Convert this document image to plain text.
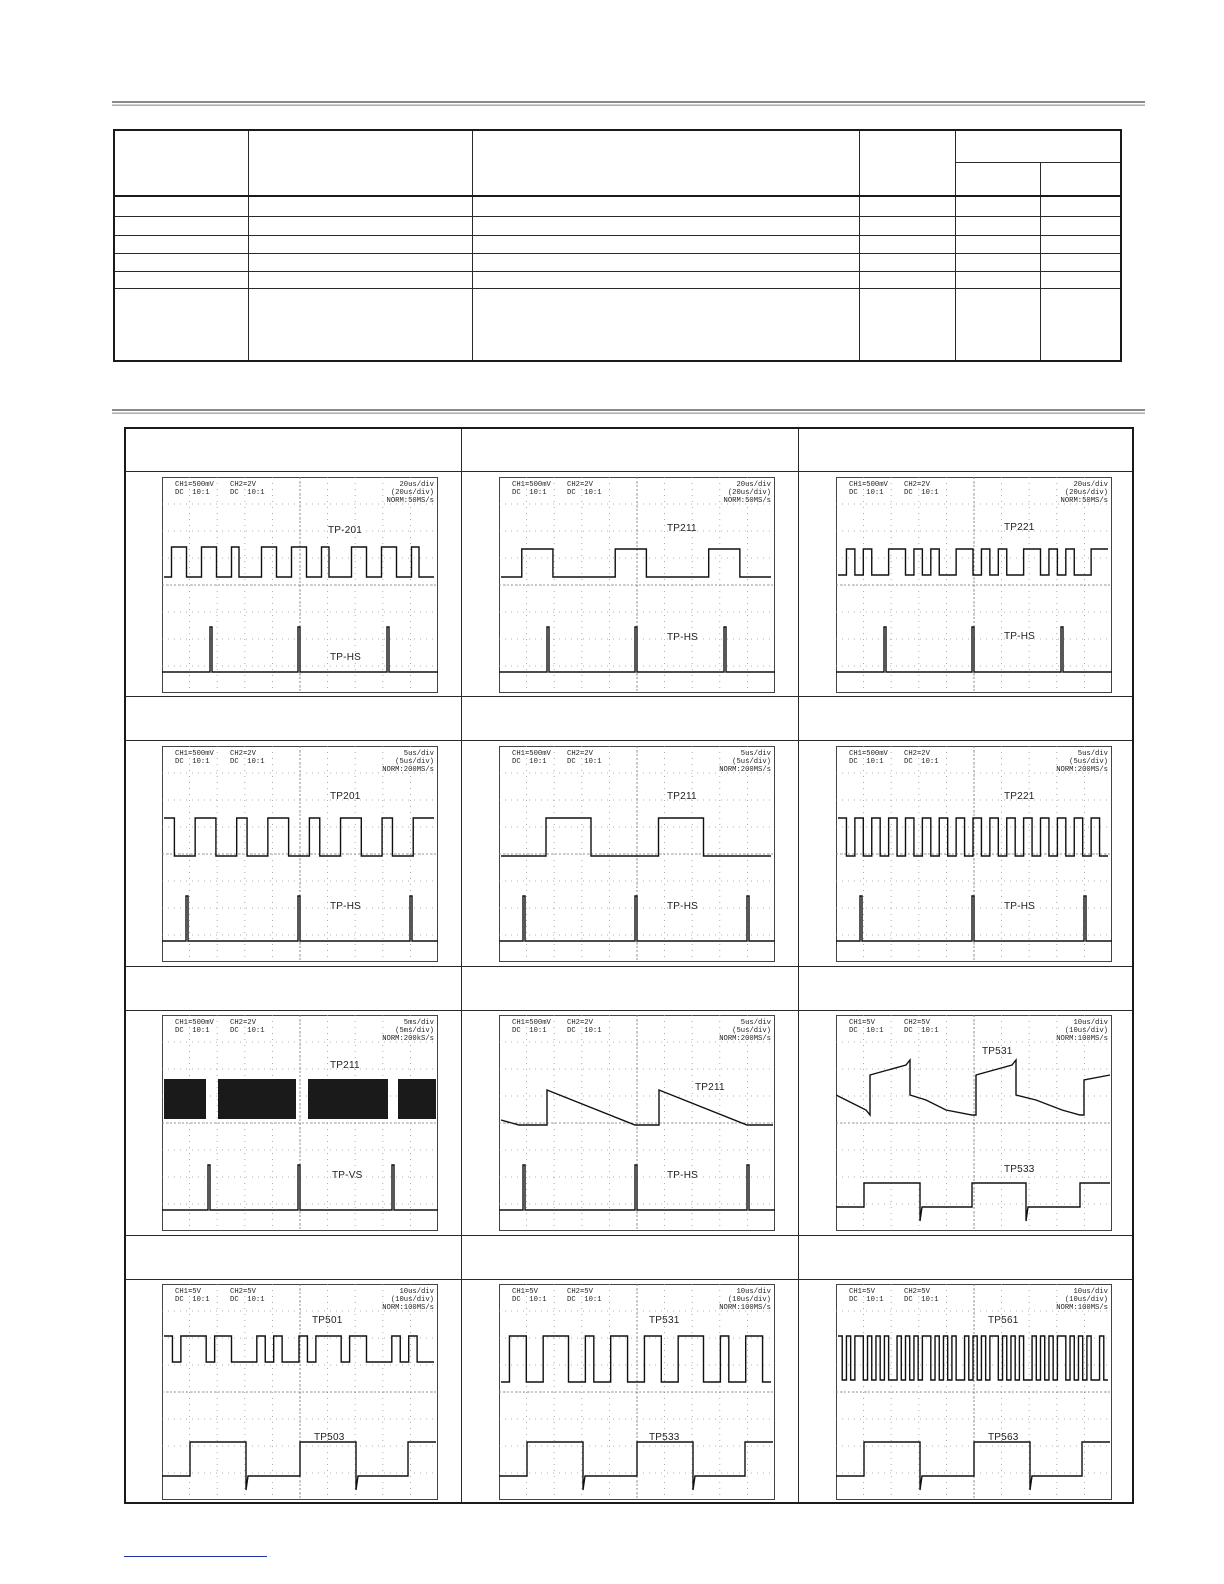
CH1=500mV
DC  10:1
CH2=2V
DC  10:1
20us/div
(20us/div)
NORM:50MS/s
TP-201
TP-HS
CH1=500mV
DC  10:1
CH2=2V
DC  10:1
20us/div
(20us/div)
NORM:50MS/s
TP211
TP-HS
CH1=500mV
DC  10:1
CH2=2V
DC  10:1
20us/div
(20us/div)
NORM:50MS/s
TP221
TP-HS
CH1=500mV
DC  10:1
CH2=2V
DC  10:1
5us/div
(5us/div)
NORM:200MS/s
TP201
TP-HS
CH1=500mV
DC  10:1
CH2=2V
DC  10:1
5us/div
(5us/div)
NORM:200MS/s
TP211
TP-HS
CH1=500mV
DC  10:1
CH2=2V
DC  10:1
5us/div
(5us/div)
NORM:200MS/s
TP221
TP-HS
CH1=500mV
DC  10:1
CH2=2V
DC  10:1
5ms/div
(5ms/div)
NORM:200kS/s
TP211
TP-VS
CH1=500mV
DC  10:1
CH2=2V
DC  10:1
5us/div
(5us/div)
NORM:200MS/s
TP211
TP-HS
CH1=5V
DC  10:1
CH2=5V
DC  10:1
10us/div
(10us/div)
NORM:100MS/s
TP531
TP533
CH1=5V
DC  10:1
CH2=5V
DC  10:1
10us/div
(10us/div)
NORM:100MS/s
TP501
TP503
CH1=5V
DC  10:1
CH2=5V
DC  10:1
10us/div
(10us/div)
NORM:100MS/s
TP531
TP533
CH1=5V
DC  10:1
CH2=5V
DC  10:1
10us/div
(10us/div)
NORM:100MS/s
TP561
TP563
